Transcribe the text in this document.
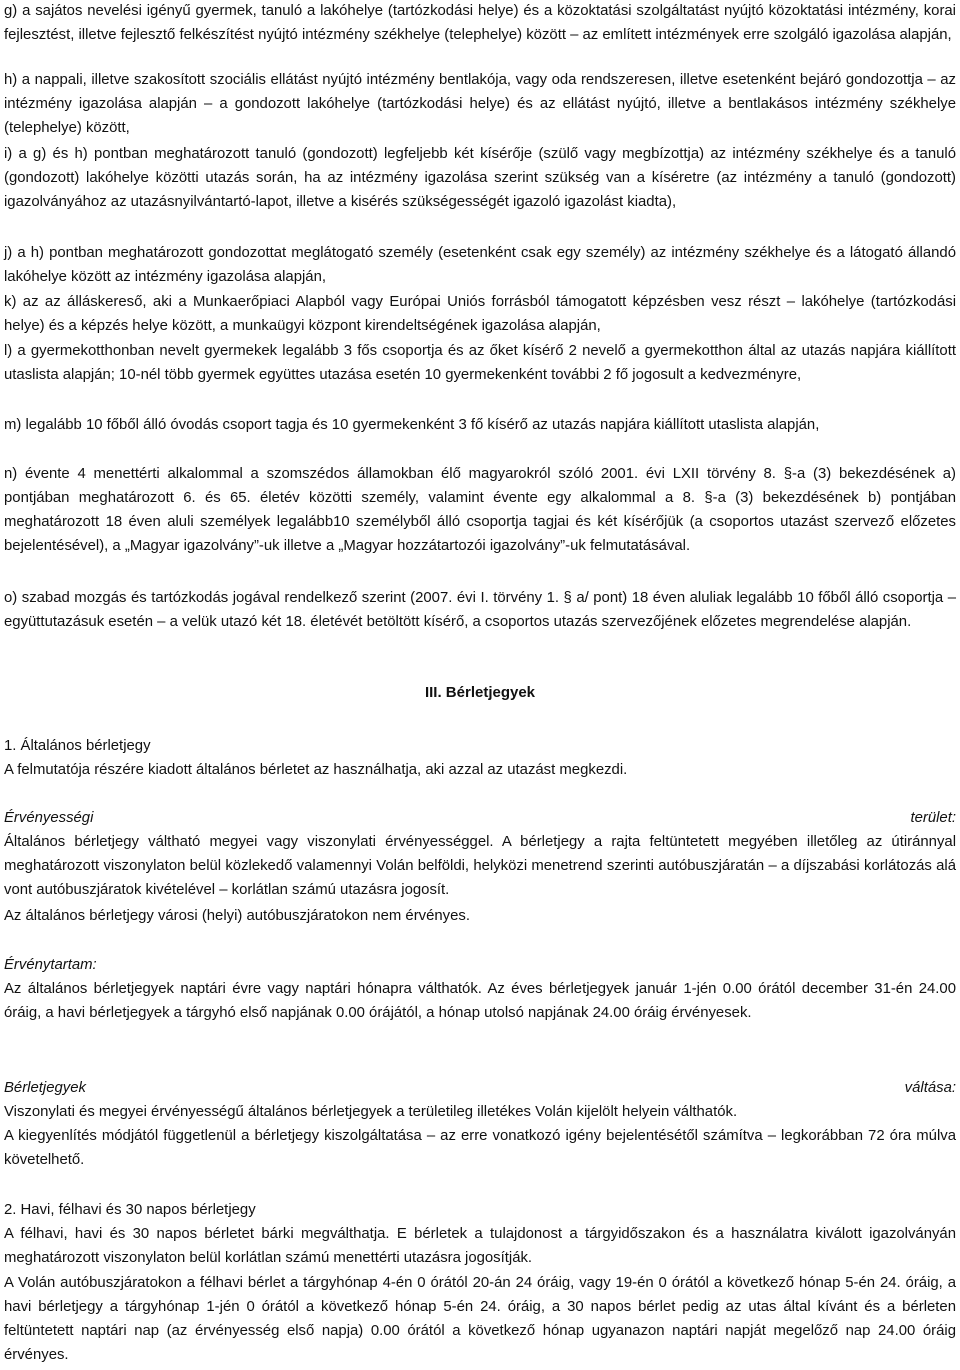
g) a sajátos nevelési igényű gyermek, tanuló a lakóhelye (tartózkodási helye) és a közoktatási szolgáltatást nyújtó közoktatási intézmény, korai fejlesztést, illetve fejlesztő felkészítést nyújtó intézmény székhelye (telephelye) között – az említett intézmények erre szolgáló igazolása alapján,

h) a nappali, illetve szakosított szociális ellátást nyújtó intézmény bentlakója, vagy oda rendszeresen, illetve esetenként bejáró gondozottja – az intézmény igazolása alapján – a gondozott lakóhelye (tartózkodási helye) és az ellátást nyújtó, illetve a bentlakásos intézmény székhelye (telephelye) között,

i) a g) és h) pontban meghatározott tanuló (gondozott) legfeljebb két kísérője (szülő vagy megbízottja) az intézmény székhelye és a tanuló (gondozott) lakóhelye közötti utazás során, ha az intézmény igazolása szerint szükség van a kíséretre (az intézmény a tanuló (gondozott) igazolványához az utazásnyilvántartó-lapot, illetve a kisérés szükségességét igazoló igazolást kiadta),

j) a h) pontban meghatározott gondozottat meglátogató személy (esetenként csak egy személy) az intézmény székhelye és a látogató állandó lakóhelye között az intézmény igazolása alapján,

k) az az álláskereső, aki a Munkaerőpiaci Alapból vagy Európai Uniós forrásból támogatott képzésben vesz részt – lakóhelye (tartózkodási helye) és a képzés helye között, a munkaügyi központ kirendeltségének igazolása alapján,

l) a gyermekotthonban nevelt gyermekek legalább 3 fős csoportja és az őket kísérő 2 nevelő a gyermekotthon által az utazás napjára kiállított utaslista alapján; 10-nél több gyermek együttes utazása esetén 10 gyermekenként további 2 fő jogosult a kedvezményre,

m) legalább 10 főből álló óvodás csoport tagja és 10 gyermekenként 3 fő kísérő az utazás napjára kiállított utaslista alapján,

n) évente 4 menettérti alkalommal a szomszédos államokban élő magyarokról szóló 2001. évi LXII törvény 8. §-a (3) bekezdésének a) pontjában meghatározott 6. és 65. életév közötti személy, valamint évente egy alkalommal a 8. §-a (3) bekezdésének b) pontjában meghatározott 18 éven aluli személyek legalább10 személyből álló csoportja tagjai és két kísérőjük (a csoportos utazást szervező előzetes bejelentésével), a „Magyar igazolvány”-uk illetve a „Magyar hozzátartozói igazolvány”-uk felmutatásával.

o) szabad mozgás és tartózkodás jogával rendelkező szerint (2007. évi I. törvény 1. § a/ pont) 18 éven aluliak legalább 10 főből álló csoportja – együttutazásuk esetén – a velük utazó két 18. életévét betöltött kísérő, a csoportos utazás szervezőjének előzetes megrendelése alapján.

III. Bérletjegyek

1. Általános bérletjegy

A felmutatója részére kiadott általános bérletet az használhatja, aki azzal az utazást megkezdi.

Érvényességi	terület:

Általános bérletjegy váltható megyei vagy viszonylati érvényességgel. A bérletjegy a rajta feltüntetett megyében illetőleg az útiránnyal meghatározott viszonylaton belül közlekedő valamennyi Volán belföldi, helyközi menetrend szerinti autóbuszjáratán – a díjszabási korlátozás alá vont autóbuszjáratok kivételével – korlátlan számú utazásra jogosít.

Az általános bérletjegy városi (helyi) autóbuszjáratokon nem érvényes.

Érvénytartam:

Az általános bérletjegyek naptári évre vagy naptári hónapra válthatók. Az éves bérletjegyek január 1-jén 0.00 órától december 31-én 24.00 óráig, a havi bérletjegyek a tárgyhó első napjának 0.00 órájától, a hónap utolsó napjának 24.00 óráig érvényesek.

Bérletjegyek	váltása:

Viszonylati és megyei érvényességű általános bérletjegyek a területileg illetékes Volán kijelölt helyein válthatók.

A kiegyenlítés módjától függetlenül a bérletjegy kiszolgáltatása – az erre vonatkozó igény bejelentésétől számítva – legkorábban 72 óra múlva követelhető.

2. Havi, félhavi és 30 napos bérletjegy

A félhavi, havi és 30 napos bérletet bárki megválthatja. E bérletek a tulajdonost a tárgyidőszakon és a használatra kiválott igazolványán meghatározott viszonylaton belül korlátlan számú menettérti utazásra jogosítják.

A Volán autóbuszjáratokon a félhavi bérlet a tárgyhónap 4-én 0 órától 20-án 24 óráig, vagy 19-én 0 órától a következő hónap 5-én 24. óráig, a havi bérletjegy a tárgyhónap 1-jén 0 órától a következő hónap 5-én 24. óráig, a 30 napos bérlet pedig az utas által kívánt és a bérleten feltüntetett naptári nap (az érvényesség első napja) 0.00 órától a következő hónap ugyanazon naptári napját megelőző nap 24.00 óráig érvényes.
